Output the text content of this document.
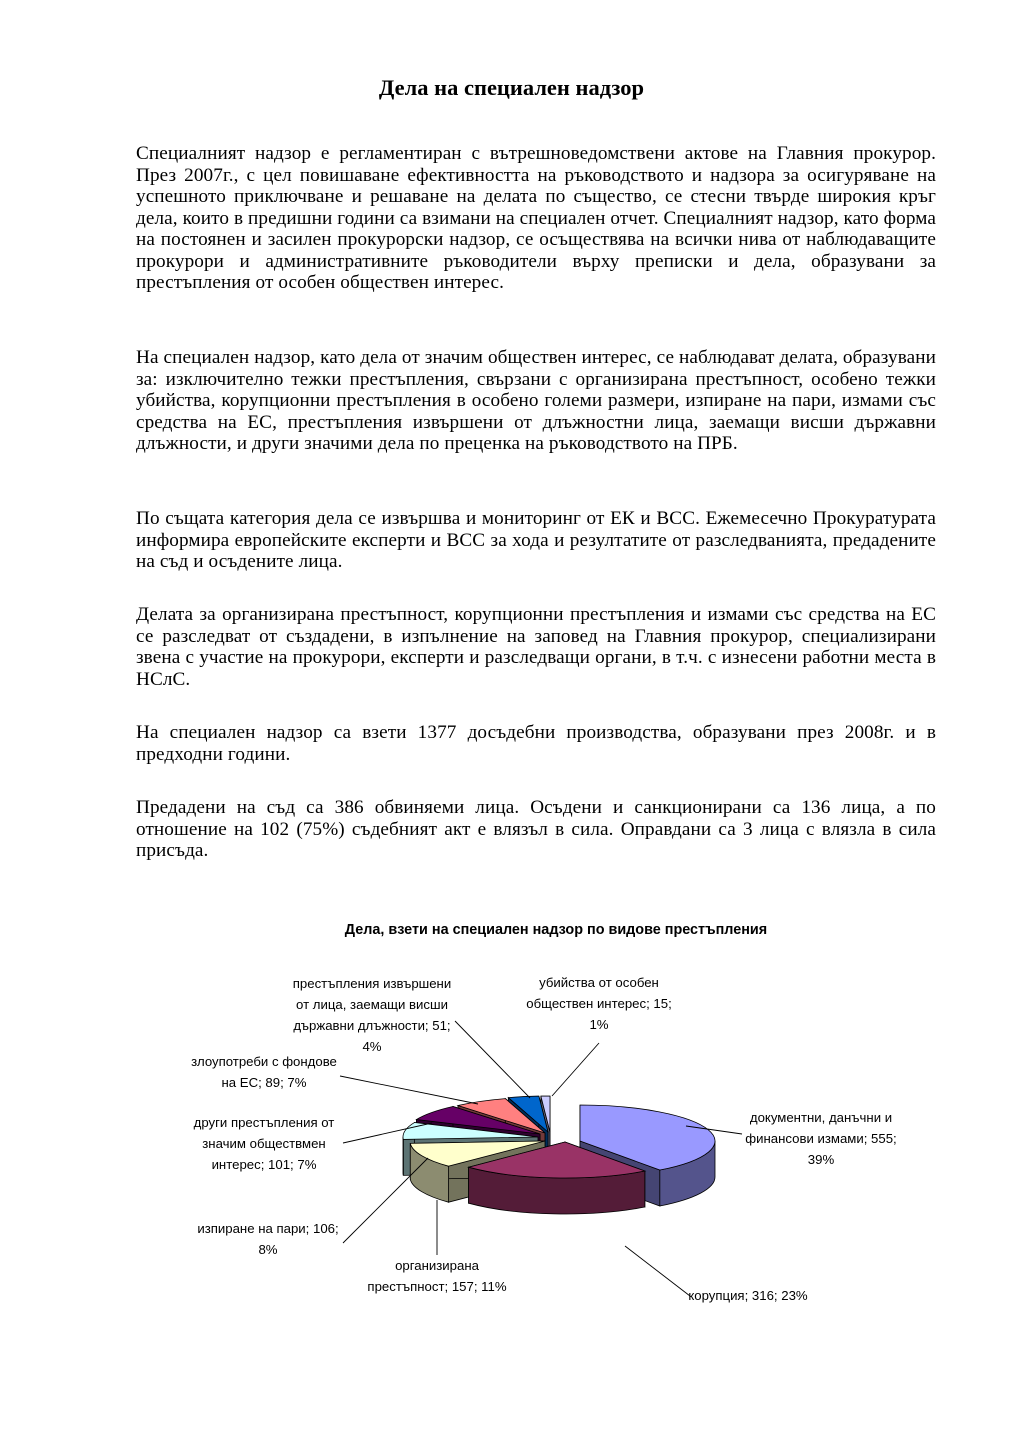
Дела на специален надзор

Специалният надзор е регламентиран с вътрешноведомствени актове на Главния прокурор. През 2007г., с цел повишаване ефективността на ръководството и надзора за осигуряване на успешното приключване и решаване на делата по същество, се стесни твърде широкия кръг дела, които в предишни години са взимани на специален отчет. Специалният надзор, като форма на постоянен и засилен прокурорски надзор, се осъществява на всички нива от наблюдаващите прокурори и административните ръководители върху преписки и дела, образувани за престъпления от особен обществен интерес.

На специален надзор, като дела от значим обществен интерес, се наблюдават делата, образувани за: изключително тежки престъпления, свързани с организирана престъпност, особено тежки убийства, корупционни престъпления в особено големи размери, изпиране на пари, измами със средства на ЕС, престъпления извършени от длъжностни лица, заемащи висши държавни длъжности, и други значими дела по преценка на ръководството на ПРБ.

По същата категория дела се извършва и мониторинг от ЕК и ВСС. Ежемесечно Прокуратурата информира европейските експерти и ВСС за хода и резултатите от разследванията, предадените на съд и осъдените лица.

Делата за организирана престъпност, корупционни престъпления и измами със средства на ЕС се разследват от създадени, в изпълнение на заповед на Главния прокурор, специализирани звена с участие на прокурори, експерти и разследващи органи, в т.ч. с изнесени работни места в НСлС.

На специален надзор са взети 1377 досъдебни производства, образувани през 2008г. и в предходни години.

Предадени на съд са 386 обвиняеми лица. Осъдени и санкционирани са 136 лица, а по отношение на 102 (75%) съдебният акт е влязъл в сила. Оправдани са 3 лица с влязла в сила присъда.

Дела, взети на специален надзор по видове престъпления
документни, данъчни и финансови измами; 555; 39%
корупция; 316; 23%
организирана престъпност; 157; 11%
изпиране на пари; 106; 8%
други престъпления от значим обществмен интерес; 101; 7%
злоупотреби с фондове на ЕС; 89; 7%
престъпления извършени от лица, заемащи висши държавни длъжности; 51; 4%
убийства от особен обществен интерес; 15; 1%
